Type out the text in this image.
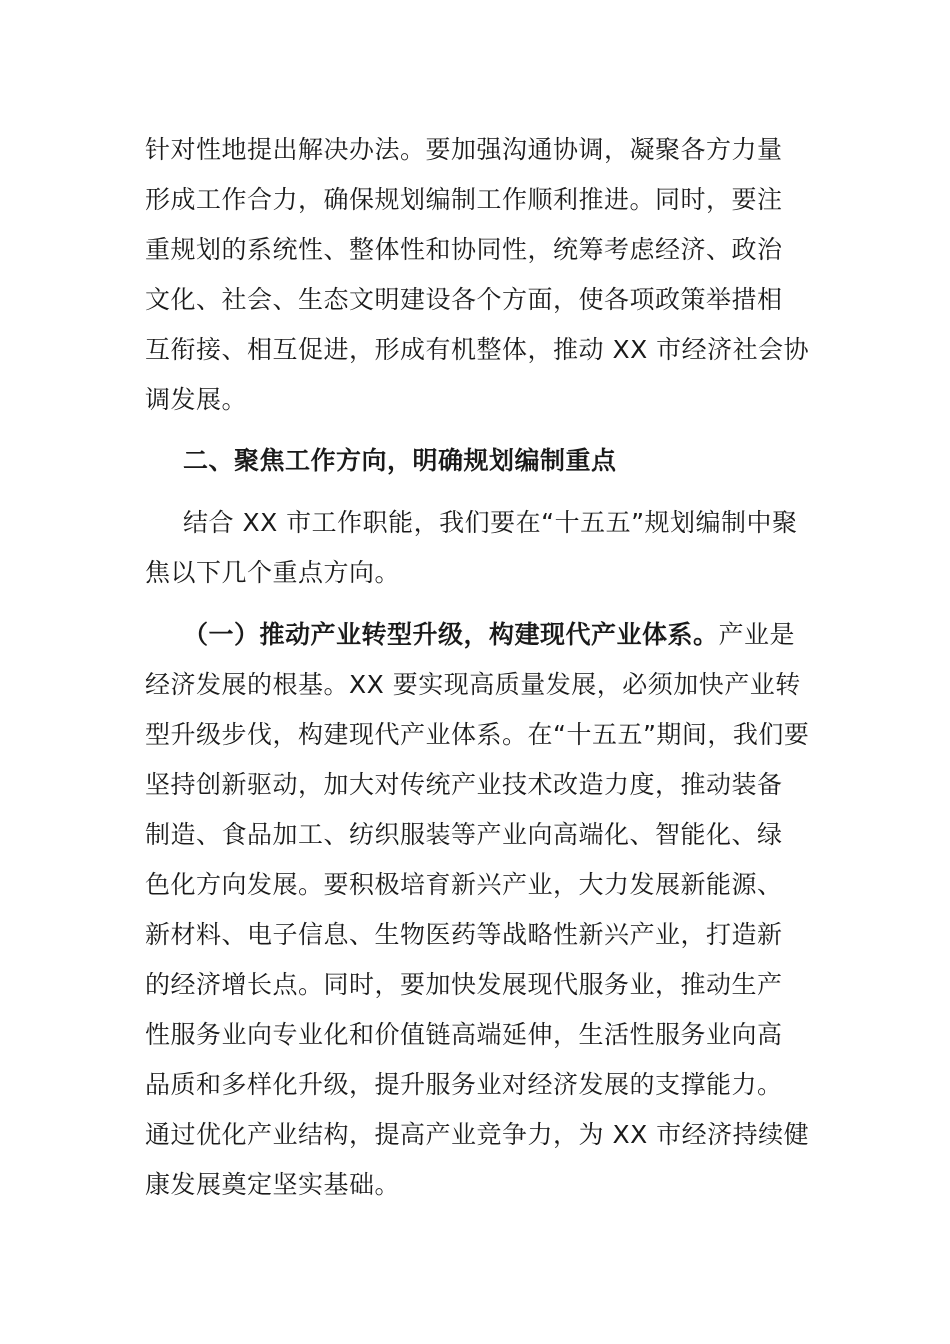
针对性地提出解决办法。要加强沟通协调，凝聚各方力量
形成工作合力，确保规划编制工作顺利推进。同时，要注
重规划的系统性、整体性和协同性，统筹考虑经济、政治
文化、社会、生态文明建设各个方面，使各项政策举措相
互衔接、相互促进，形成有机整体，推动 XX 市经济社会协
调发展。
二、聚焦工作方向，明确规划编制重点
结合 XX 市工作职能，我们要在“十五五”规划编制中聚
焦以下几个重点方向。
（一）推动产业转型升级，构建现代产业体系。产业是
经济发展的根基。XX 要实现高质量发展，必须加快产业转
型升级步伐，构建现代产业体系。在“十五五”期间，我们要
坚持创新驱动，加大对传统产业技术改造力度，推动装备
制造、食品加工、纺织服装等产业向高端化、智能化、绿
色化方向发展。要积极培育新兴产业，大力发展新能源、
新材料、电子信息、生物医药等战略性新兴产业，打造新
的经济增长点。同时，要加快发展现代服务业，推动生产
性服务业向专业化和价值链高端延伸，生活性服务业向高
品质和多样化升级，提升服务业对经济发展的支撑能力。
通过优化产业结构，提高产业竞争力，为 XX 市经济持续健
康发展奠定坚实基础。
